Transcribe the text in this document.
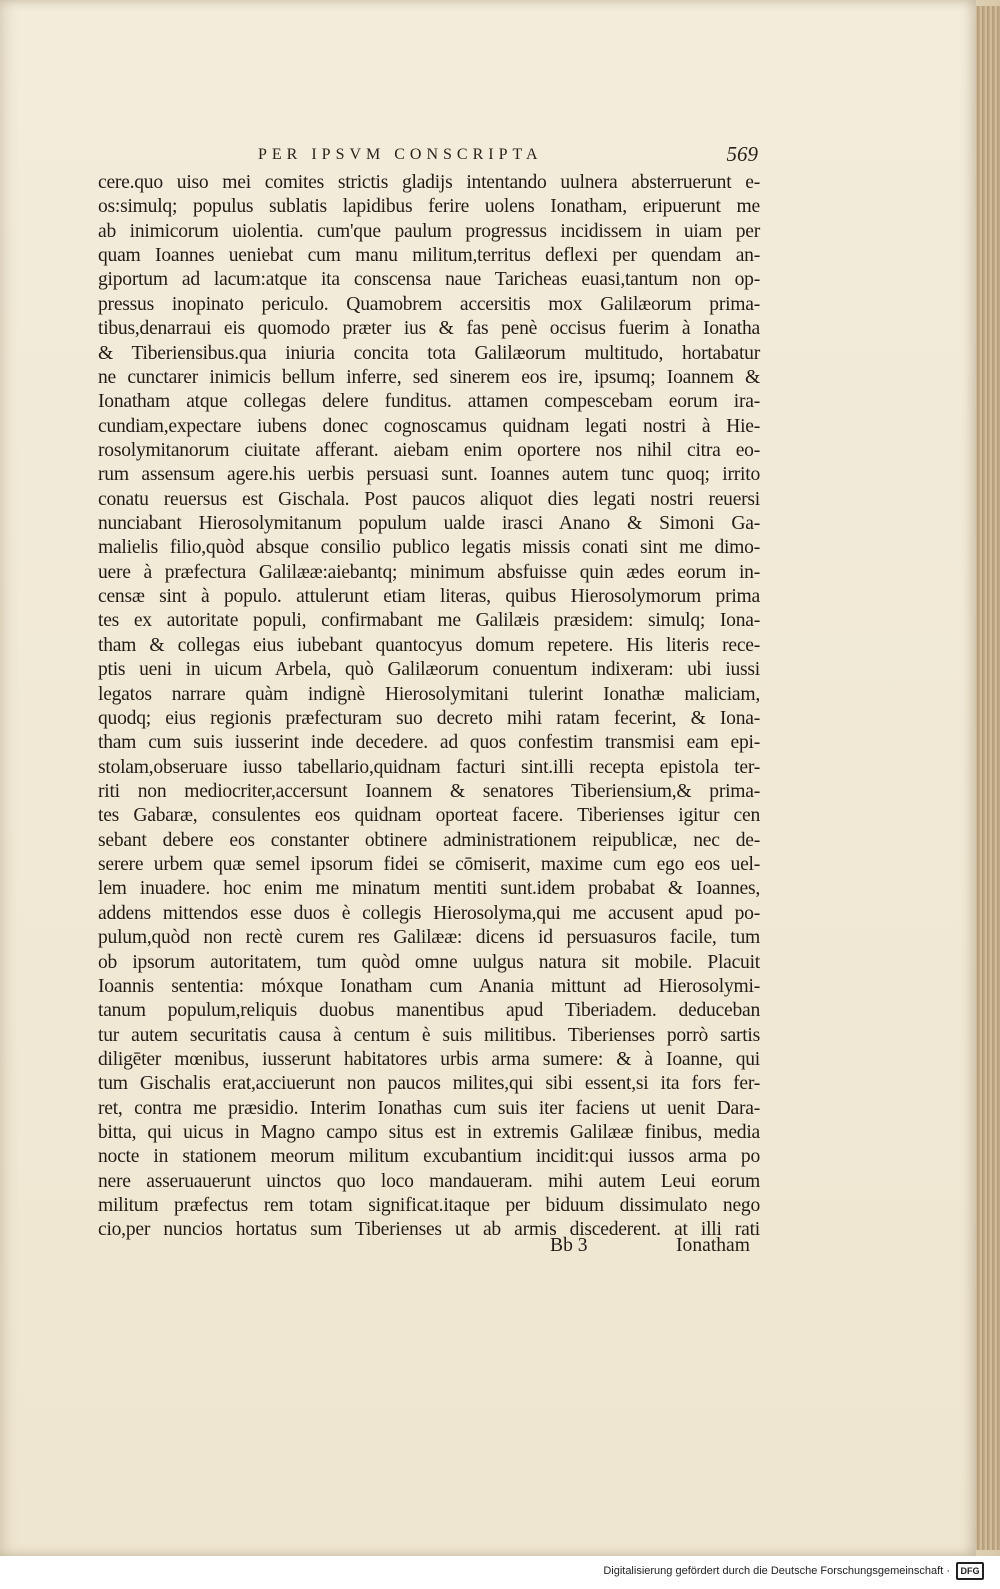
PER IPSVM CONSCRIPTA	569
cere.quo uiso mei comites strictis gladijs intentando uulnera absterruerunt e-
os:simulq; populus sublatis lapidibus ferire uolens Ionatham, eripuerunt me
ab inimicorum uiolentia. cum'que paulum progressus incidissem in uiam per
quam Ioannes ueniebat cum manu militum,territus deflexi per quendam an-
giportum ad lacum:atque ita conscensa naue Taricheas euasi,tantum non op-
pressus inopinato periculo. Quamobrem accersitis mox Galilæorum prima-
tibus,denarraui eis quomodo præter ius & fas penè occisus fuerim à Ionatha
& Tiberiensibus.qua iniuria concita tota Galilæorum multitudo, hortabatur
ne cunctarer inimicis bellum inferre, sed sinerem eos ire, ipsumq; Ioannem &
Ionatham atque collegas delere funditus. attamen compescebam eorum ira-
cundiam,expectare iubens donec cognoscamus quidnam legati nostri à Hie-
rosolymitanorum ciuitate afferant. aiebam enim oportere nos nihil citra eo-
rum assensum agere.his uerbis persuasi sunt. Ioannes autem tunc quoq; irrito
conatu reuersus est Gischala. Post paucos aliquot dies legati nostri reuersi
nunciabant Hierosolymitanum populum ualde irasci Anano & Simoni Ga-
malielis filio,quòd absque consilio publico legatis missis conati sint me dimo-
uere à præfectura Galilææ:aiebantq; minimum absfuisse quin ædes eorum in-
censæ sint à populo. attulerunt etiam literas, quibus Hierosolymorum prima
tes ex autoritate populi, confirmabant me Galilæis præsidem: simulq; Iona-
tham & collegas eius iubebant quantocyus domum repetere. His literis rece-
ptis ueni in uicum Arbela, quò Galilæorum conuentum indixeram: ubi iussi
legatos narrare quàm indignè Hierosolymitani tulerint Ionathæ maliciam,
quodq; eius regionis præfecturam suo decreto mihi ratam fecerint, & Iona-
tham cum suis iusserint inde decedere. ad quos confestim transmisi eam epi-
stolam,obseruare iusso tabellario,quidnam facturi sint.illi recepta epistola ter-
riti non mediocriter,accersunt Ioannem & senatores Tiberiensium,& prima-
tes Gabaræ, consulentes eos quidnam oporteat facere. Tiberienses igitur cen
sebant debere eos constanter obtinere administrationem reipublicæ, nec de-
serere urbem quæ semel ipsorum fidei se cōmiserit, maxime cum ego eos uel-
lem inuadere. hoc enim me minatum mentiti sunt.idem probabat & Ioannes,
addens mittendos esse duos è collegis Hierosolyma,qui me accusent apud po-
pulum,quòd non rectè curem res Galilææ: dicens id persuasuros facile, tum
ob ipsorum autoritatem, tum quòd omne uulgus natura sit mobile. Placuit
Ioannis sententia: móxque Ionatham cum Anania mittunt ad Hierosolymi-
tanum populum,reliquis duobus manentibus apud Tiberiadem. deduceban
tur autem securitatis causa à centum è suis militibus. Tiberienses porrò sartis
diligēter mœnibus, iusserunt habitatores urbis arma sumere: & à Ioanne, qui
tum Gischalis erat,acciuerunt non paucos milites,qui sibi essent,si ita fors fer-
ret, contra me præsidio. Interim Ionathas cum suis iter faciens ut uenit Dara-
bitta, qui uicus in Magno campo situs est in extremis Galilææ finibus, media
nocte in stationem meorum militum excubantium incidit:qui iussos arma po
nere asseruauerunt uinctos quo loco mandaueram. mihi autem Leui eorum
militum præfectus rem totam significat.itaque per biduum dissimulato nego
cio,per nuncios hortatus sum Tiberienses ut ab armis discederent. at illi rati
Bb 3	Ionatham
Digitalisierung gefördert durch die Deutsche Forschungsgemeinschaft ·	DFG
